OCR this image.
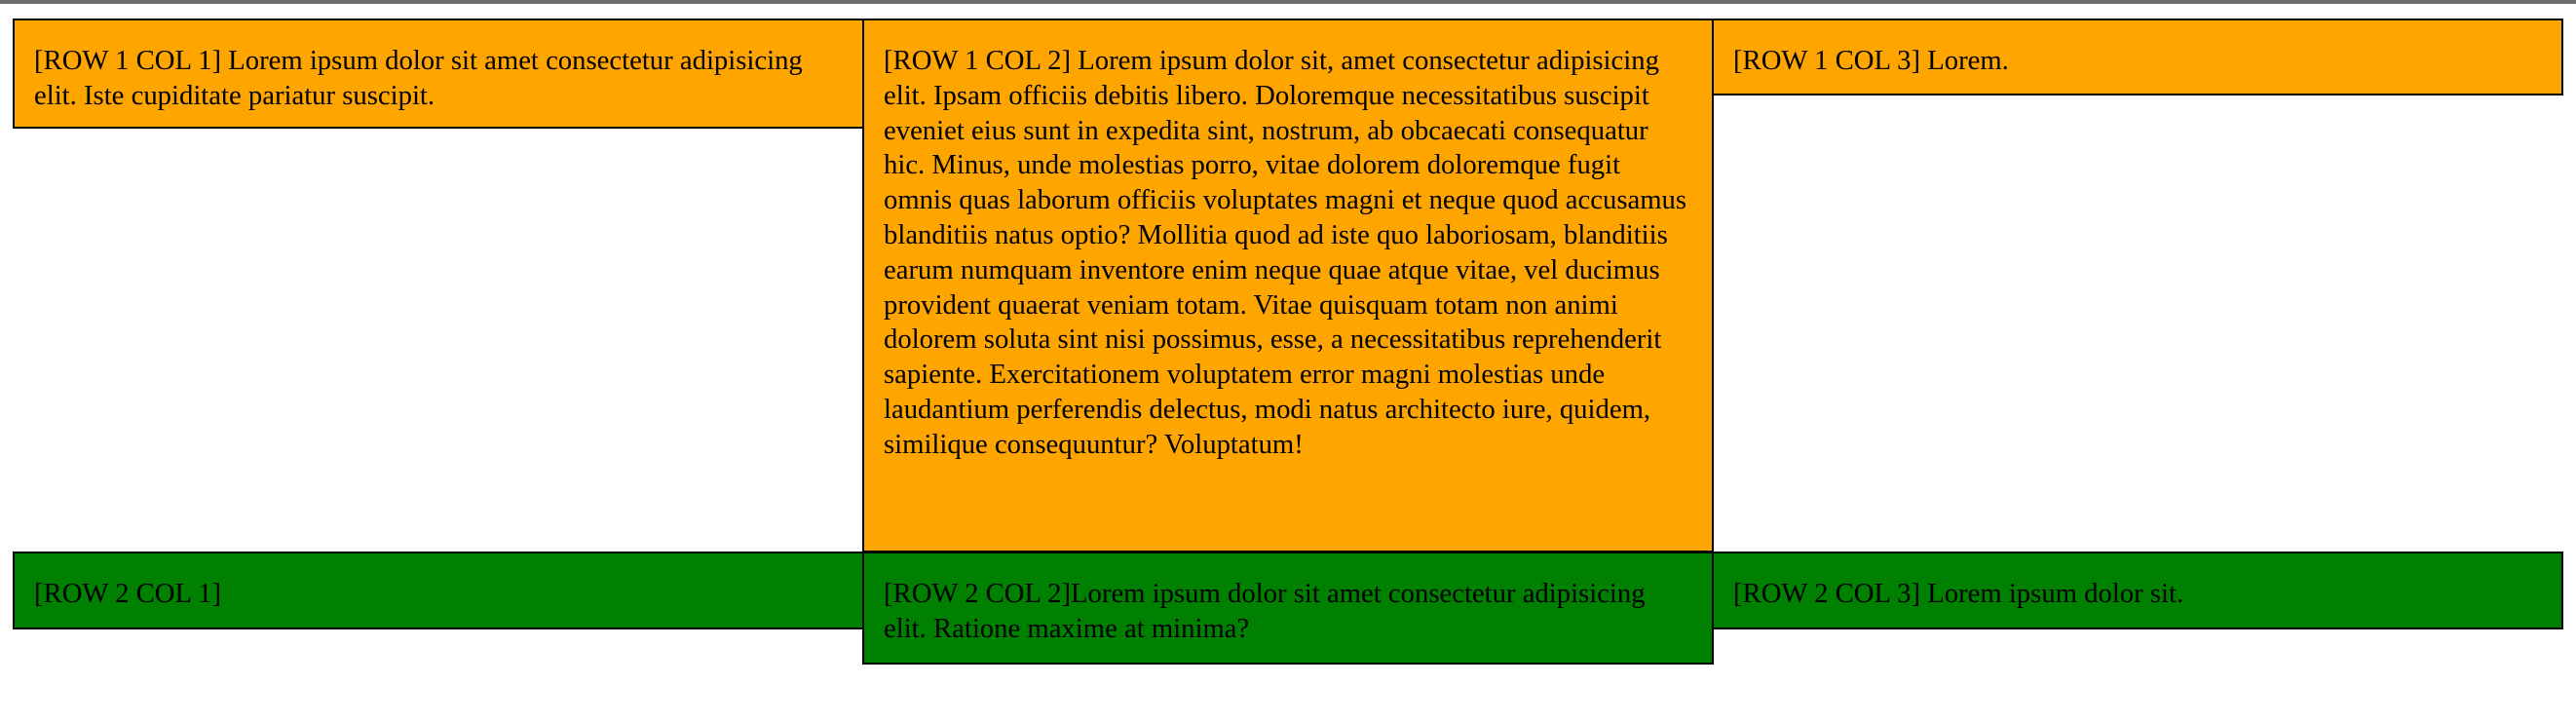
[ROW 1 COL 1] Lorem ipsum dolor sit amet consectetur adipisicing elit. Iste cupiditate pariatur suscipit.
[ROW 1 COL 2] Lorem ipsum dolor sit, amet consectetur adipisicing elit. Ipsam officiis debitis libero. Doloremque necessitatibus suscipit eveniet eius sunt in expedita sint, nostrum, ab obcaecati consequatur hic. Minus, unde molestias porro, vitae dolorem doloremque fugit omnis quas laborum officiis voluptates magni et neque quod accusamus blanditiis natus optio? Mollitia quod ad iste quo laboriosam, blanditiis earum numquam inventore enim neque quae atque vitae, vel ducimus provident quaerat veniam totam. Vitae quisquam totam non animi dolorem soluta sint nisi possimus, esse, a necessitatibus reprehenderit sapiente. Exercitationem voluptatem error magni molestias unde laudantium perferendis delectus, modi natus architecto iure, quidem, similique consequuntur? Voluptatum!
[ROW 1 COL 3] Lorem.
[ROW 2 COL 1]	[ROW 2 COL 2]Lorem ipsum dolor sit amet consectetur adipisicing elit. Ratione maxime at minima?
[ROW 2 COL 3] Lorem ipsum dolor sit.
